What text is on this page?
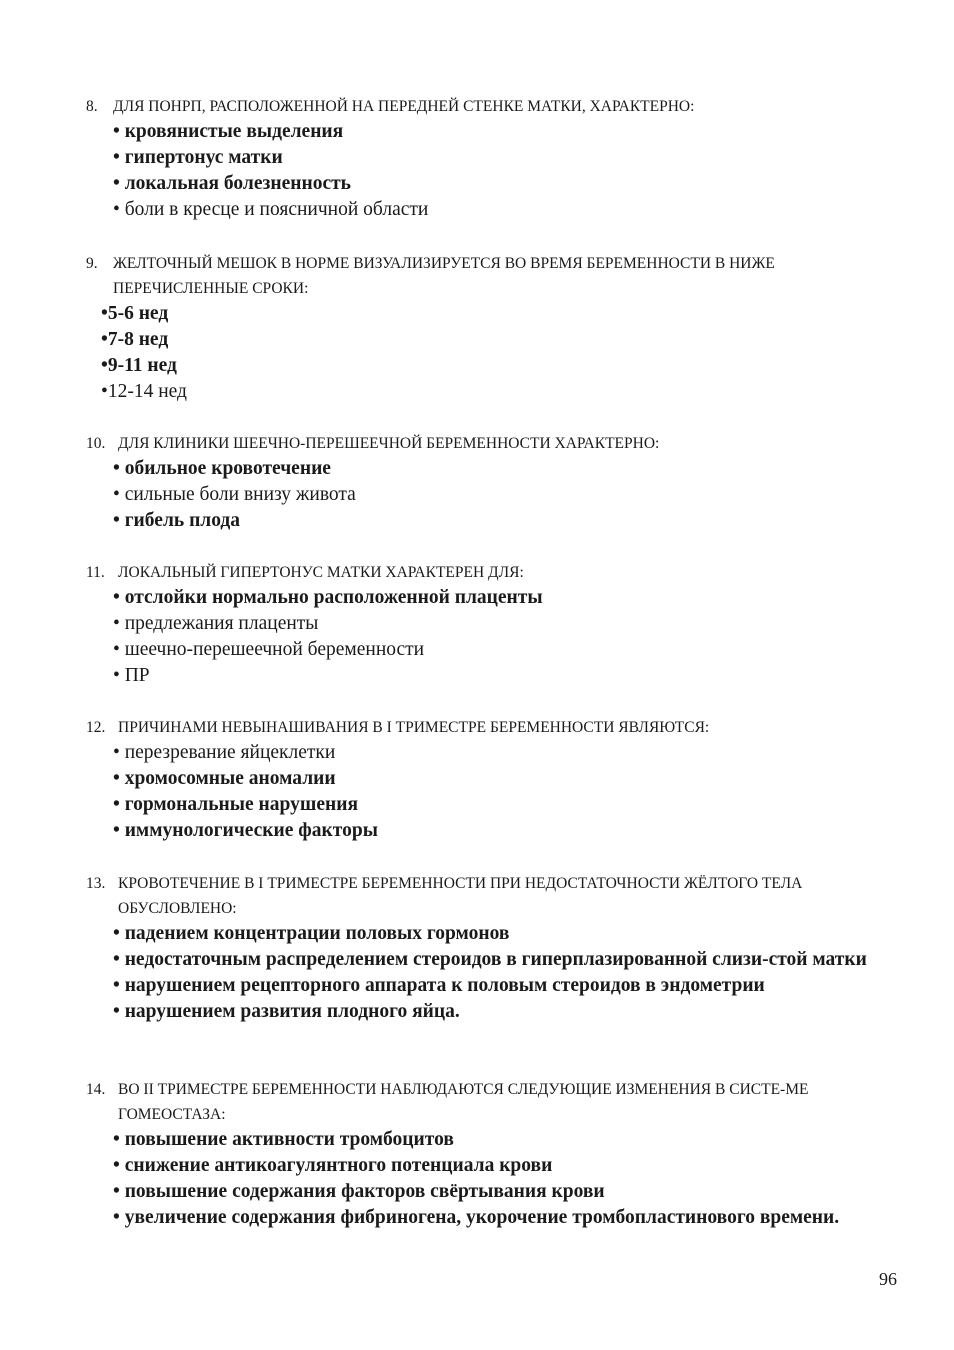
8. ДЛЯ ПОНРП, РАСПОЛОЖЕННОЙ НА ПЕРЕДНЕЙ СТЕНКЕ МАТКИ, ХАРАКТЕРНО:
• кровянистые выделения
• гипертонус матки
• локальная болезненность
• боли в кресце и поясничной области
9. ЖЕЛТОЧНЫЙ МЕШОК В НОРМЕ ВИЗУАЛИЗИРУЕТСЯ ВО ВРЕМЯ БЕРЕМЕННОСТИ В НИЖЕ ПЕРЕЧИСЛЕННЫЕ СРОКИ:
•5-6 нед
•7-8 нед
•9-11 нед
•12-14 нед
10. ДЛЯ КЛИНИКИ ШЕЕЧНО-ПЕРЕШЕЕЧНОЙ БЕРЕМЕННОСТИ ХАРАКТЕРНО:
• обильное кровотечение
• сильные боли внизу живота
• гибель плода
11. ЛОКАЛЬНЫЙ ГИПЕРТОНУС МАТКИ ХАРАКТЕРЕН ДЛЯ:
• отслойки нормально расположенной плаценты
• предлежания плаценты
• шеечно-перешеечной беременности
• ПР
12. ПРИЧИНАМИ НЕВЫНАШИВАНИЯ В I ТРИМЕСТРЕ БЕРЕМЕННОСТИ ЯВЛЯЮТСЯ:
• перезревание яйцеклетки
• хромосомные аномалии
• гормональные нарушения
• иммунологические факторы
13. КРОВОТЕЧЕНИЕ В I ТРИМЕСТРЕ БЕРЕМЕННОСТИ ПРИ НЕДОСТАТОЧНОСТИ ЖЁЛТОГО ТЕЛА ОБУСЛОВЛЕНО:
• падением концентрации половых гормонов
• недостаточным распределением стероидов в гиперплазированной слизи-стой матки
• нарушением рецепторного аппарата к половым стероидов в эндометрии
• нарушением развития плодного яйца.
14. ВО II ТРИМЕСТРЕ БЕРЕМЕННОСТИ НАБЛЮДАЮТСЯ СЛЕДУЮЩИЕ ИЗМЕНЕНИЯ В СИСТЕ-МЕ ГОМЕОСТАЗА:
• повышение активности тромбоцитов
• снижение антикоагулянтного потенциала крови
• повышение содержания факторов свёртывания крови
• увеличение содержания фибриногена, укорочение тромбопластинового времени.
96
